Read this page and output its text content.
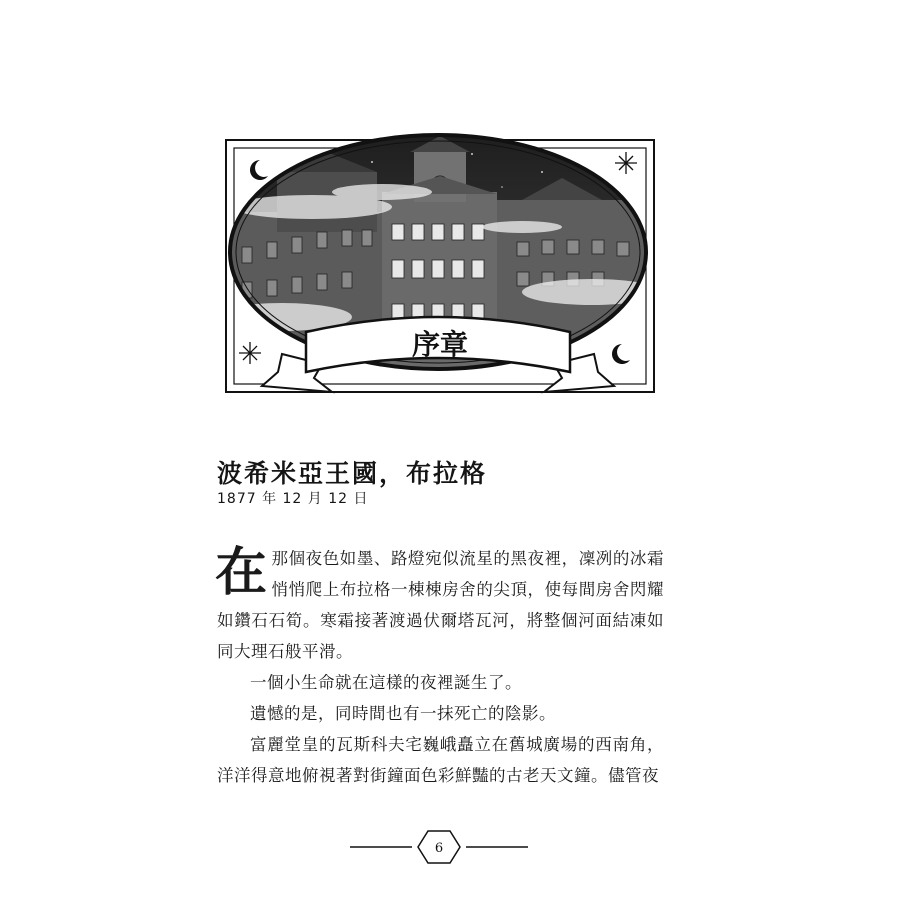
序章
波希米亞王國，布拉格
1877 年 12 月 12 日

在那個夜色如墨、路燈宛似流星的黑夜裡，凜冽的冰霜悄悄爬上布拉格一棟棟房舍的尖頂，使每間房舍閃耀如鑽石石筍。寒霜接著渡過伏爾塔瓦河，將整個河面結凍如同大理石般平滑。

一個小生命就在這樣的夜裡誕生了。

遺憾的是，同時間也有一抹死亡的陰影。

富麗堂皇的瓦斯科夫宅巍峨矗立在舊城廣場的西南角，洋洋得意地俯視著對街鐘面色彩鮮豔的古老天文鐘。儘管夜

6
